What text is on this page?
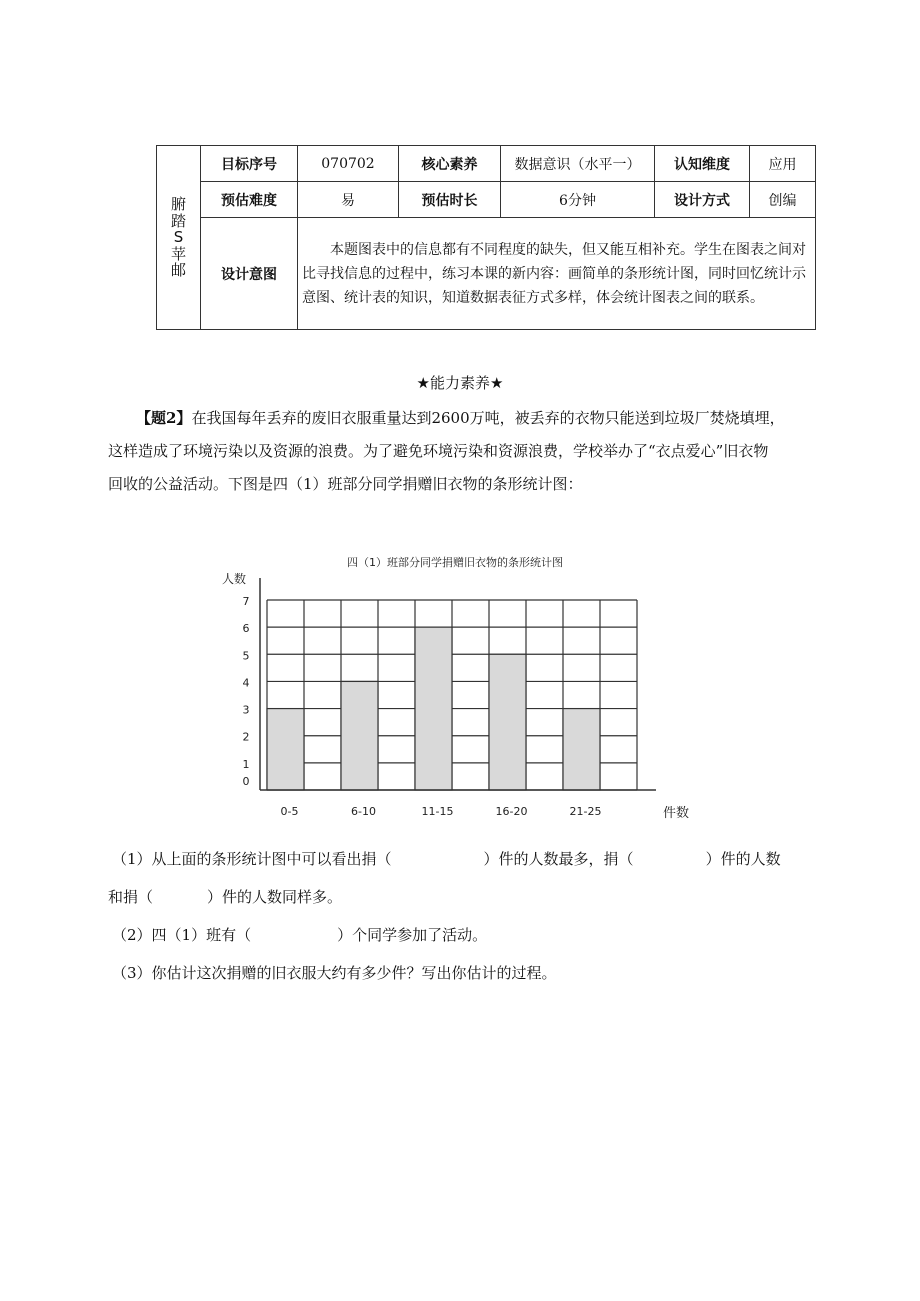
腑踏S苹邮	目标序号	070702	核心素养	数据意识（水平一）	认知维度	应用
	预估难度	易	预估时长	6分钟	设计方式	创编
	设计意图	本题图表中的信息都有不同程度的缺失，但又能互相补充。学生在图表之间对比寻找信息的过程中，练习本课的新内容：画简单的条形统计图，同时回忆统计示意图、统计表的知识，知道数据表征方式多样，体会统计图表之间的联系。				
★能力素养★
【题2】在我国每年丢弃的废旧衣服重量达到2600万吨，被丢弃的衣物只能送到垃圾厂焚烧填埋，
这样造成了环境污染以及资源的浪费。为了避免环境污染和资源浪费，学校举办了“衣点爱心”旧衣物
回收的公益活动。下图是四（1）班部分同学捐赠旧衣物的条形统计图：
四（1）班部分同学捐赠旧衣物的条形统计图
人数
件数
0
1
2
3
4
5
6
7
0-5	6-10	11-15	16-20	21-25
（1）从上面的条形统计图中可以看出捐（	）件的人数最多，捐（	）件的人数
和捐（	）件的人数同样多。
（2）四（1）班有（	）个同学参加了活动。
（3）你估计这次捐赠的旧衣服大约有多少件？写出你估计的过程。
